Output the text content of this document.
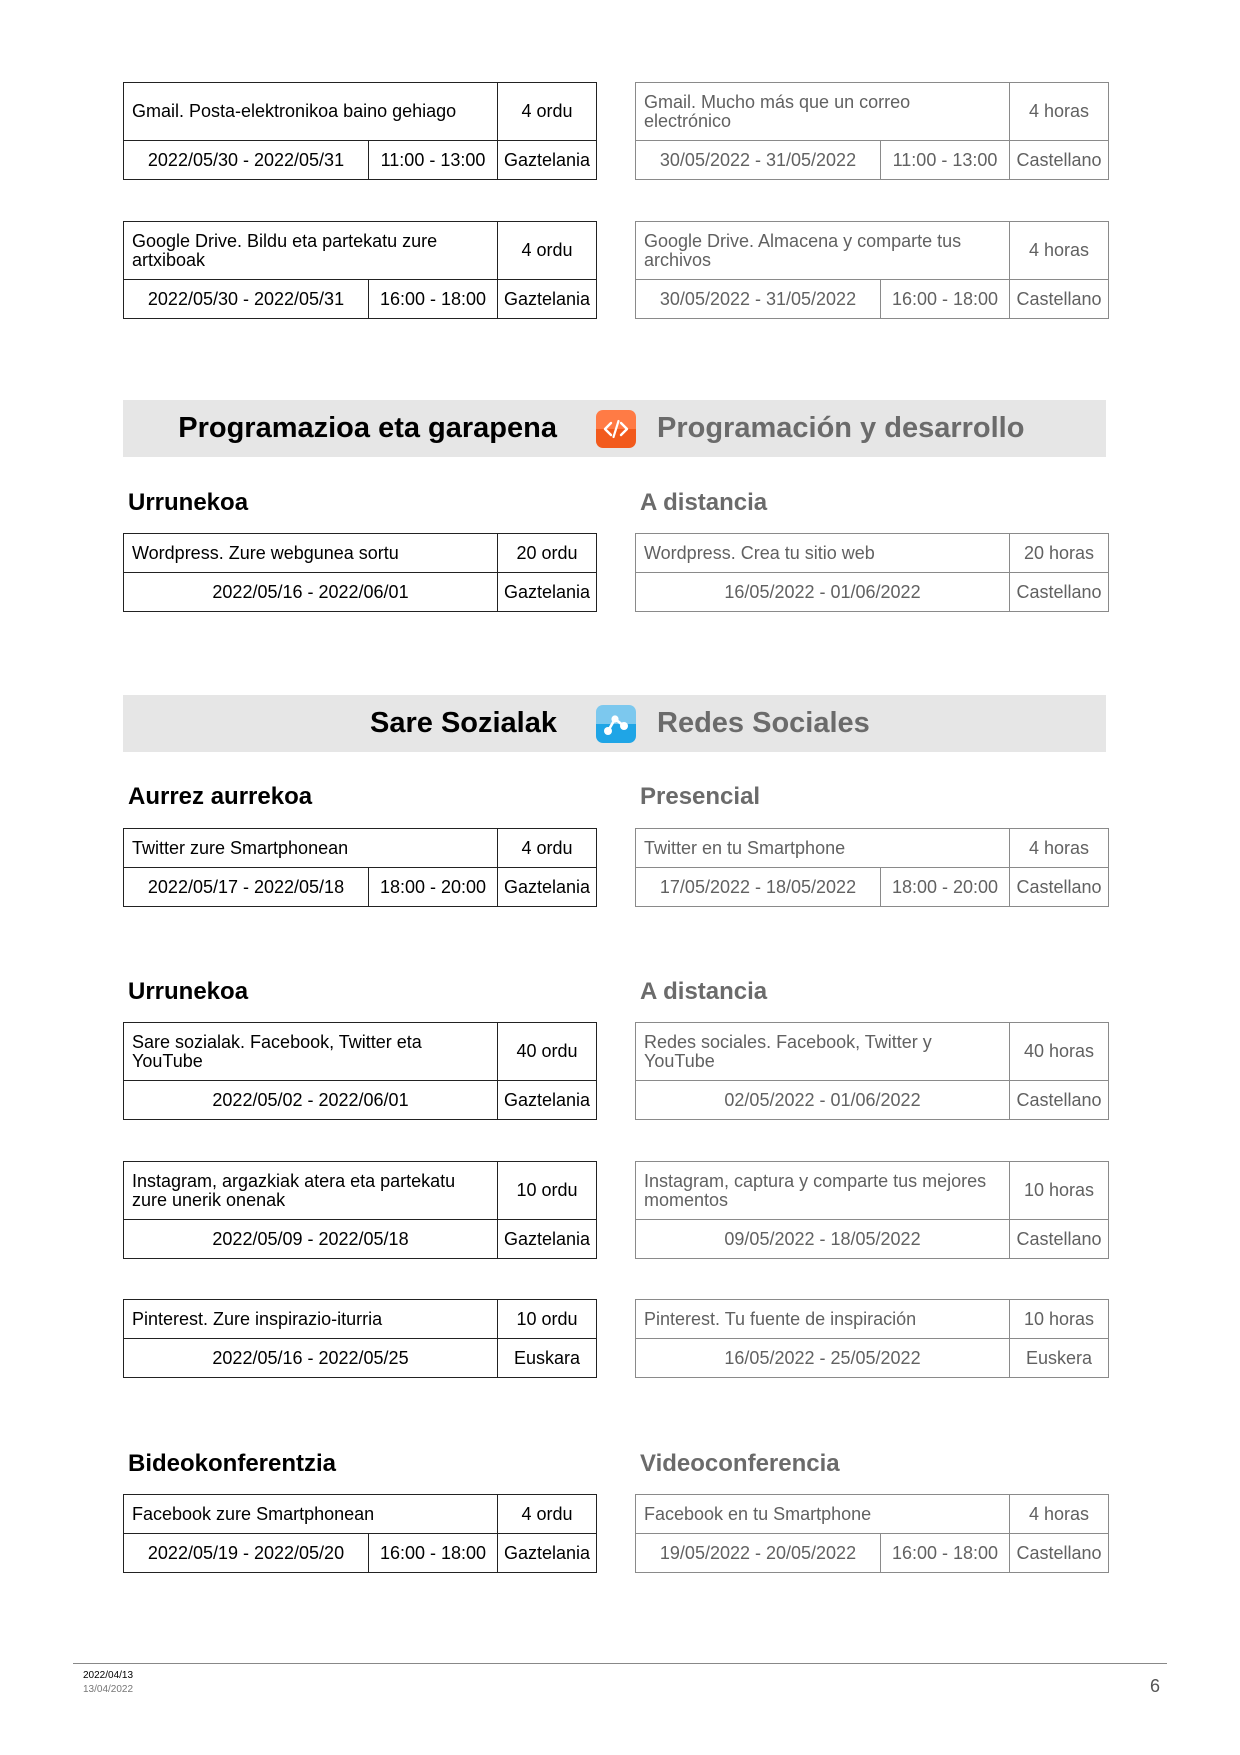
Gmail. Posta-elektronikoa baino gehiago		4 ordu
2022/05/30 - 2022/05/31	11:00 - 13:00	Gaztelania
Gmail. Mucho más que un correo electrónico		4 horas
30/05/2022 - 31/05/2022	11:00 - 13:00	Castellano
Google Drive. Bildu eta partekatu zure artxiboak		4 ordu
2022/05/30 - 2022/05/31	16:00 - 18:00	Gaztelania
Google Drive. Almacena y comparte tus archivos		4 horas
30/05/2022 - 31/05/2022	16:00 - 18:00	Castellano
Programazioa eta garapena	Programación y desarrollo
Urrunekoa	A distancia
Wordpress. Zure webgunea sortu	20 ordu
2022/05/16 - 2022/06/01	Gaztelania
Wordpress. Crea tu sitio web	20 horas
16/05/2022 - 01/06/2022	Castellano
Sare Sozialak	Redes Sociales
Aurrez aurrekoa	Presencial
Twitter zure Smartphonean		4 ordu
2022/05/17 - 2022/05/18	18:00 - 20:00	Gaztelania
Twitter en tu Smartphone		4 horas
17/05/2022 - 18/05/2022	18:00 - 20:00	Castellano
Urrunekoa	A distancia
Sare sozialak. Facebook, Twitter eta YouTube	40 ordu
2022/05/02 - 2022/06/01	Gaztelania
Redes sociales. Facebook, Twitter y YouTube	40 horas
02/05/2022 - 01/06/2022	Castellano
Instagram, argazkiak atera eta partekatu zure unerik onenak	10 ordu
2022/05/09 - 2022/05/18	Gaztelania
Instagram, captura y comparte tus mejores momentos	10 horas
09/05/2022 - 18/05/2022	Castellano
Pinterest. Zure inspirazio-iturria	10 ordu
2022/05/16 - 2022/05/25	Euskara
Pinterest. Tu fuente de inspiración	10 horas
16/05/2022 - 25/05/2022	Euskera
Bideokonferentzia	Videoconferencia
Facebook zure Smartphonean		4 ordu
2022/05/19 - 2022/05/20	16:00 - 18:00	Gaztelania
Facebook en tu Smartphone		4 horas
19/05/2022 - 20/05/2022	16:00 - 18:00	Castellano
2022/04/13
13/04/2022	6
